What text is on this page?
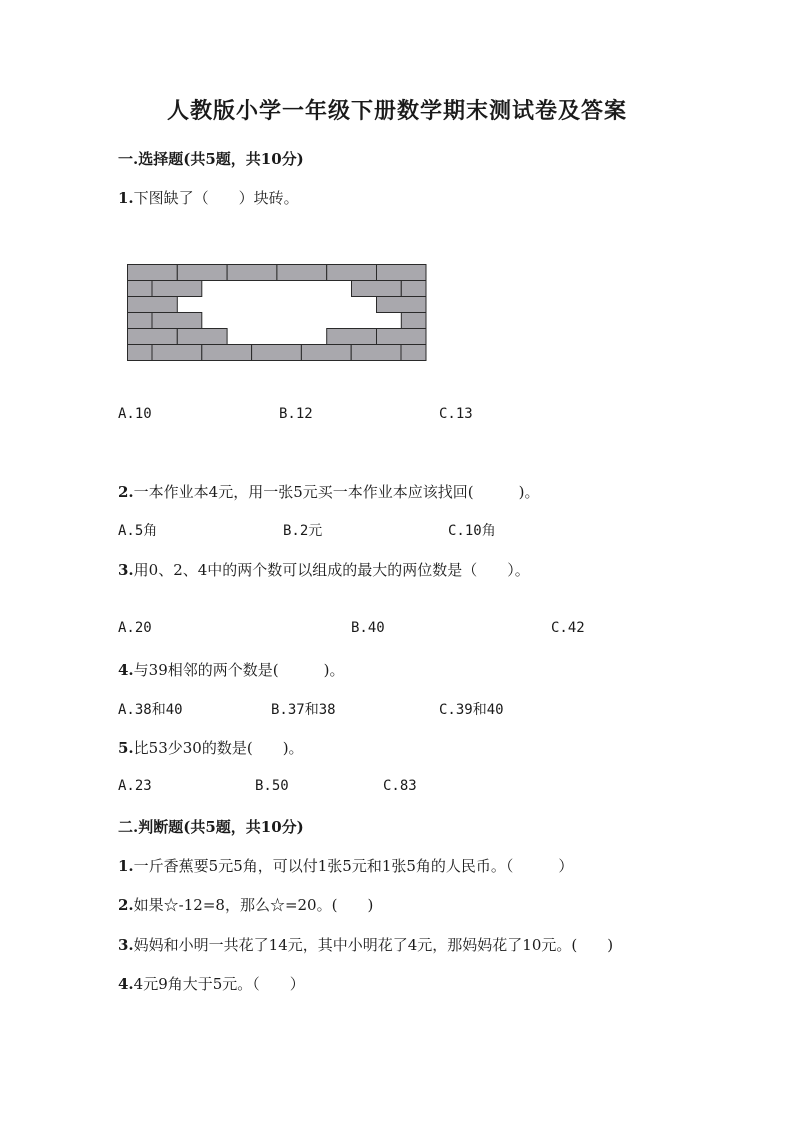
人教版小学一年级下册数学期末测试卷及答案
一.选择题(共5题，共10分)
1.下图缺了（　　）块砖。
A.10	B.12	C.13
2.一本作业本4元，用一张5元买一本作业本应该找回(　　　)。
A.5角	B.2元	C.10角
3.用0、2、4中的两个数可以组成的最大的两位数是（　　）。
A.20	B.40	C.42
4.与39相邻的两个数是(　　　)。
A.38和40	B.37和38	C.39和40
5.比53少30的数是(　　)。
A.23	B.50	C.83
二.判断题(共5题，共10分)
1.一斤香蕉要5元5角，可以付1张5元和1张5角的人民币。（　　　）
2.如果☆-12=8，那么☆=20。(　　)
3.妈妈和小明一共花了14元，其中小明花了4元，那妈妈花了10元。(　　)
4.4元9角大于5元。（　　）
